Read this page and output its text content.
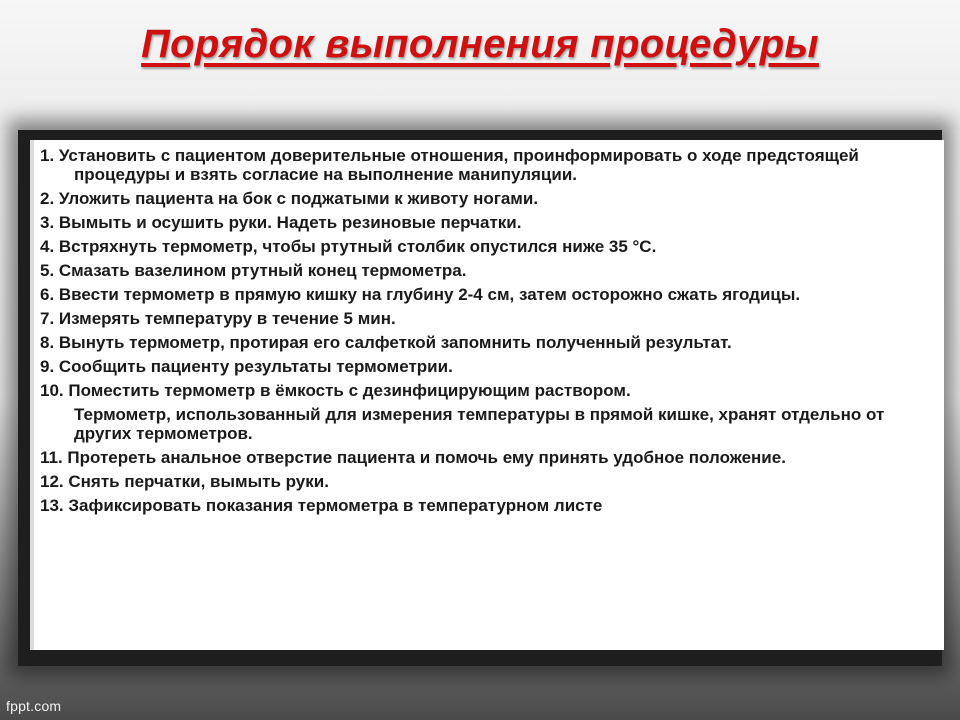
Порядок выполнения процедуры
1. Установить с пациентом доверительные отношения, проинформировать о ходе предстоящей процедуры и взять согласие на выполнение манипуляции.
2. Уложить пациента на бок с поджатыми к животу ногами.
3. Вымыть и осушить руки. Надеть резиновые перчатки.
4. Встряхнуть термометр, чтобы ртутный столбик опустился ниже 35 °С.
5. Смазать вазелином ртутный конец термометра.
6. Ввести термометр в прямую кишку на глубину 2-4 см, затем осторожно сжать ягодицы.
7. Измерять температуру в течение 5 мин.
8. Вынуть термометр, протирая его салфеткой запомнить полученный результат.
9. Сообщить пациенту результаты термометрии.
10. Поместить термометр в ёмкость с дезинфицирующим раствором.
Термометр, использованный для измерения температуры в прямой кишке, хранят отдельно от других термометров.
11. Протереть анальное отверстие пациента и помочь ему принять удобное положение.
12. Снять перчатки, вымыть руки.
13. Зафиксировать показания термометра в температурном листе
fppt.com
